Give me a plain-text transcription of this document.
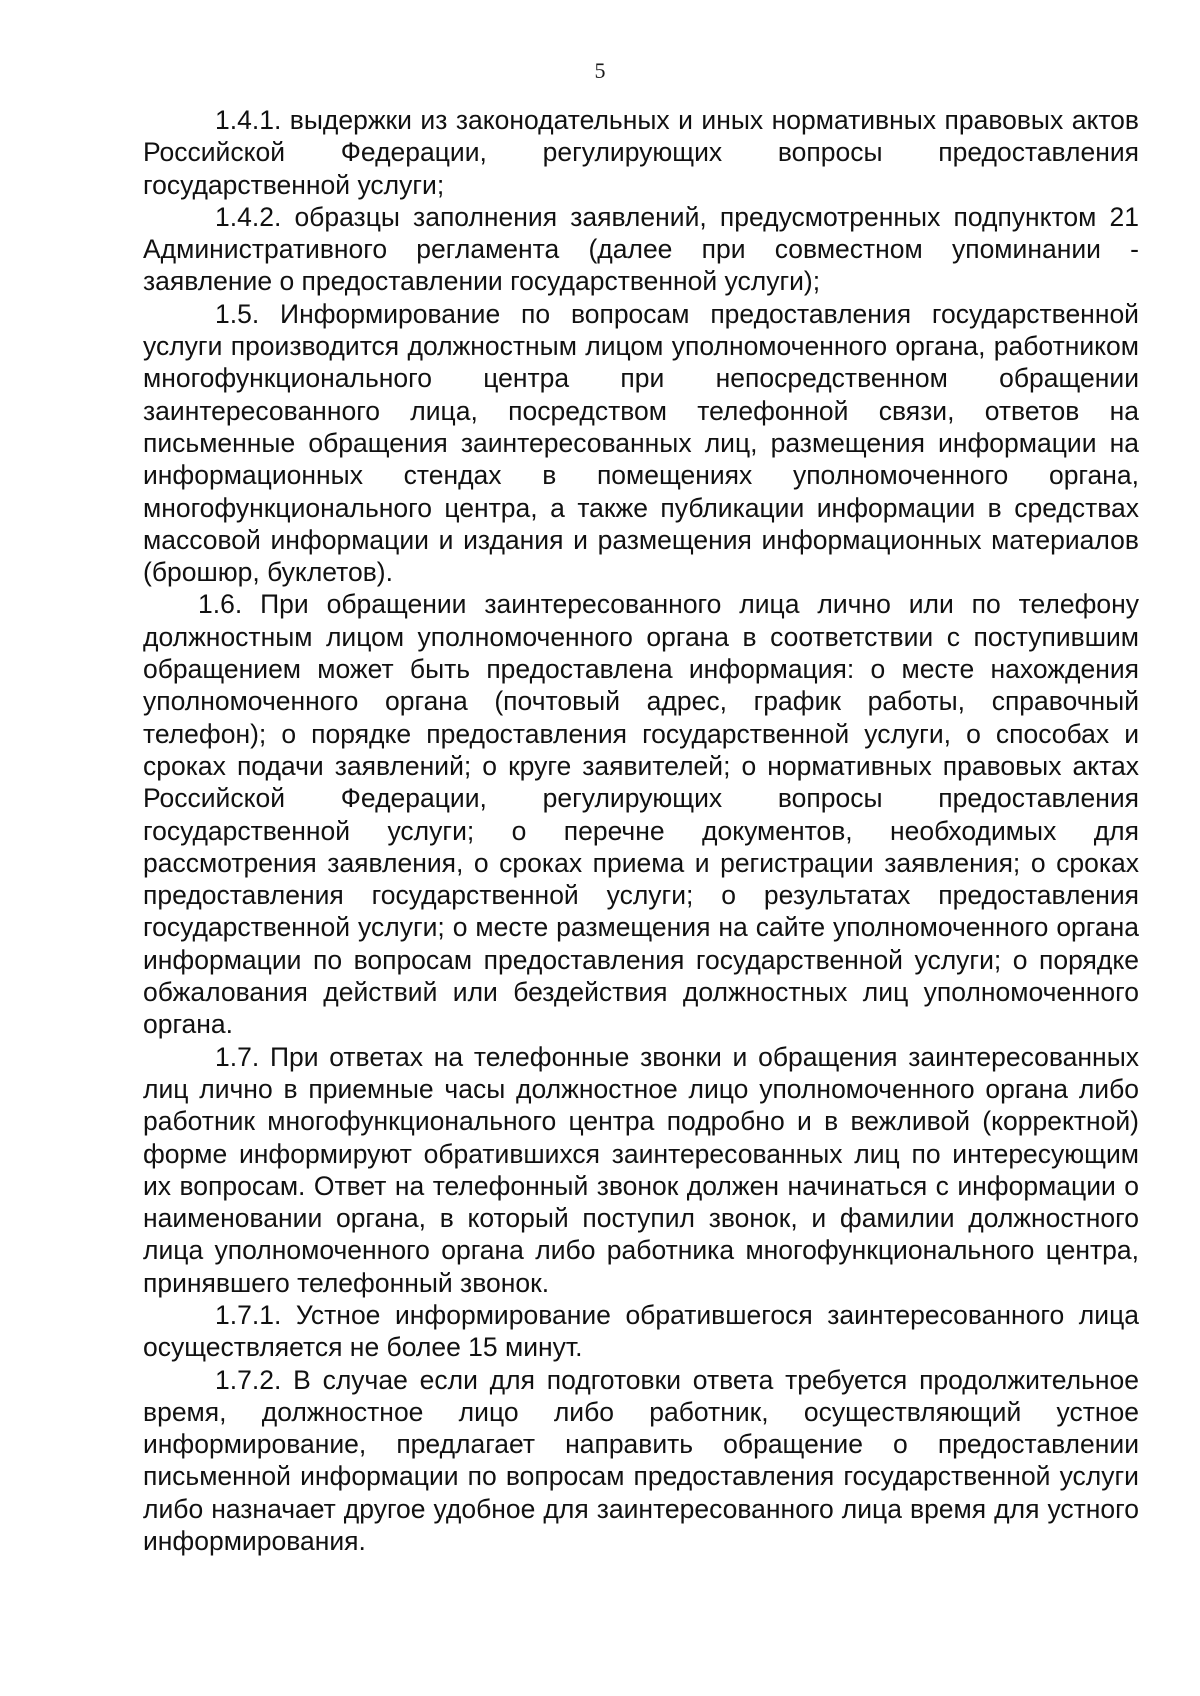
5

1.4.1. выдержки из законодательных и иных нормативных правовых актов Российской Федерации, регулирующих вопросы предоставления государственной услуги;

1.4.2. образцы заполнения заявлений, предусмотренных подпунктом 21 Административного регламента (далее при совместном упоминании - заявление о предоставлении государственной услуги);

1.5. Информирование по вопросам предоставления государственной услуги производится должностным лицом уполномоченного органа, работником многофункционального центра при непосредственном обращении заинтересованного лица, посредством телефонной связи, ответов на письменные обращения заинтересованных лиц, размещения информации на информационных стендах в помещениях уполномоченного органа, многофункционального центра, а также публикации информации в средствах массовой информации и издания и размещения информационных материалов (брошюр, буклетов).

1.6. При обращении заинтересованного лица лично или по телефону должностным лицом уполномоченного органа в соответствии с поступившим обращением может быть предоставлена информация: о месте нахождения уполномоченного органа (почтовый адрес, график работы, справочный телефон); о порядке предоставления государственной услуги, о способах и сроках подачи заявлений; о круге заявителей; о нормативных правовых актах Российской Федерации, регулирующих вопросы предоставления государственной услуги; о перечне документов, необходимых для рассмотрения заявления, о сроках приема и регистрации заявления; о сроках предоставления государственной услуги; о результатах предоставления государственной услуги; о месте размещения на сайте уполномоченного органа информации по вопросам предоставления государственной услуги; о порядке обжалования действий или бездействия должностных лиц уполномоченного органа.

1.7. При ответах на телефонные звонки и обращения заинтересованных лиц лично в приемные часы должностное лицо уполномоченного органа либо работник многофункционального центра подробно и в вежливой (корректной) форме информируют обратившихся заинтересованных лиц по интересующим их вопросам. Ответ на телефонный звонок должен начинаться с информации о наименовании органа, в который поступил звонок, и фамилии должностного лица уполномоченного органа либо работника многофункционального центра, принявшего телефонный звонок.

1.7.1. Устное информирование обратившегося заинтересованного лица осуществляется не более 15 минут.

1.7.2. В случае если для подготовки ответа требуется продолжительное время, должностное лицо либо работник, осуществляющий устное информирование, предлагает направить обращение о предоставлении письменной информации по вопросам предоставления государственной услуги либо назначает другое удобное для заинтересованного лица время для устного информирования.
